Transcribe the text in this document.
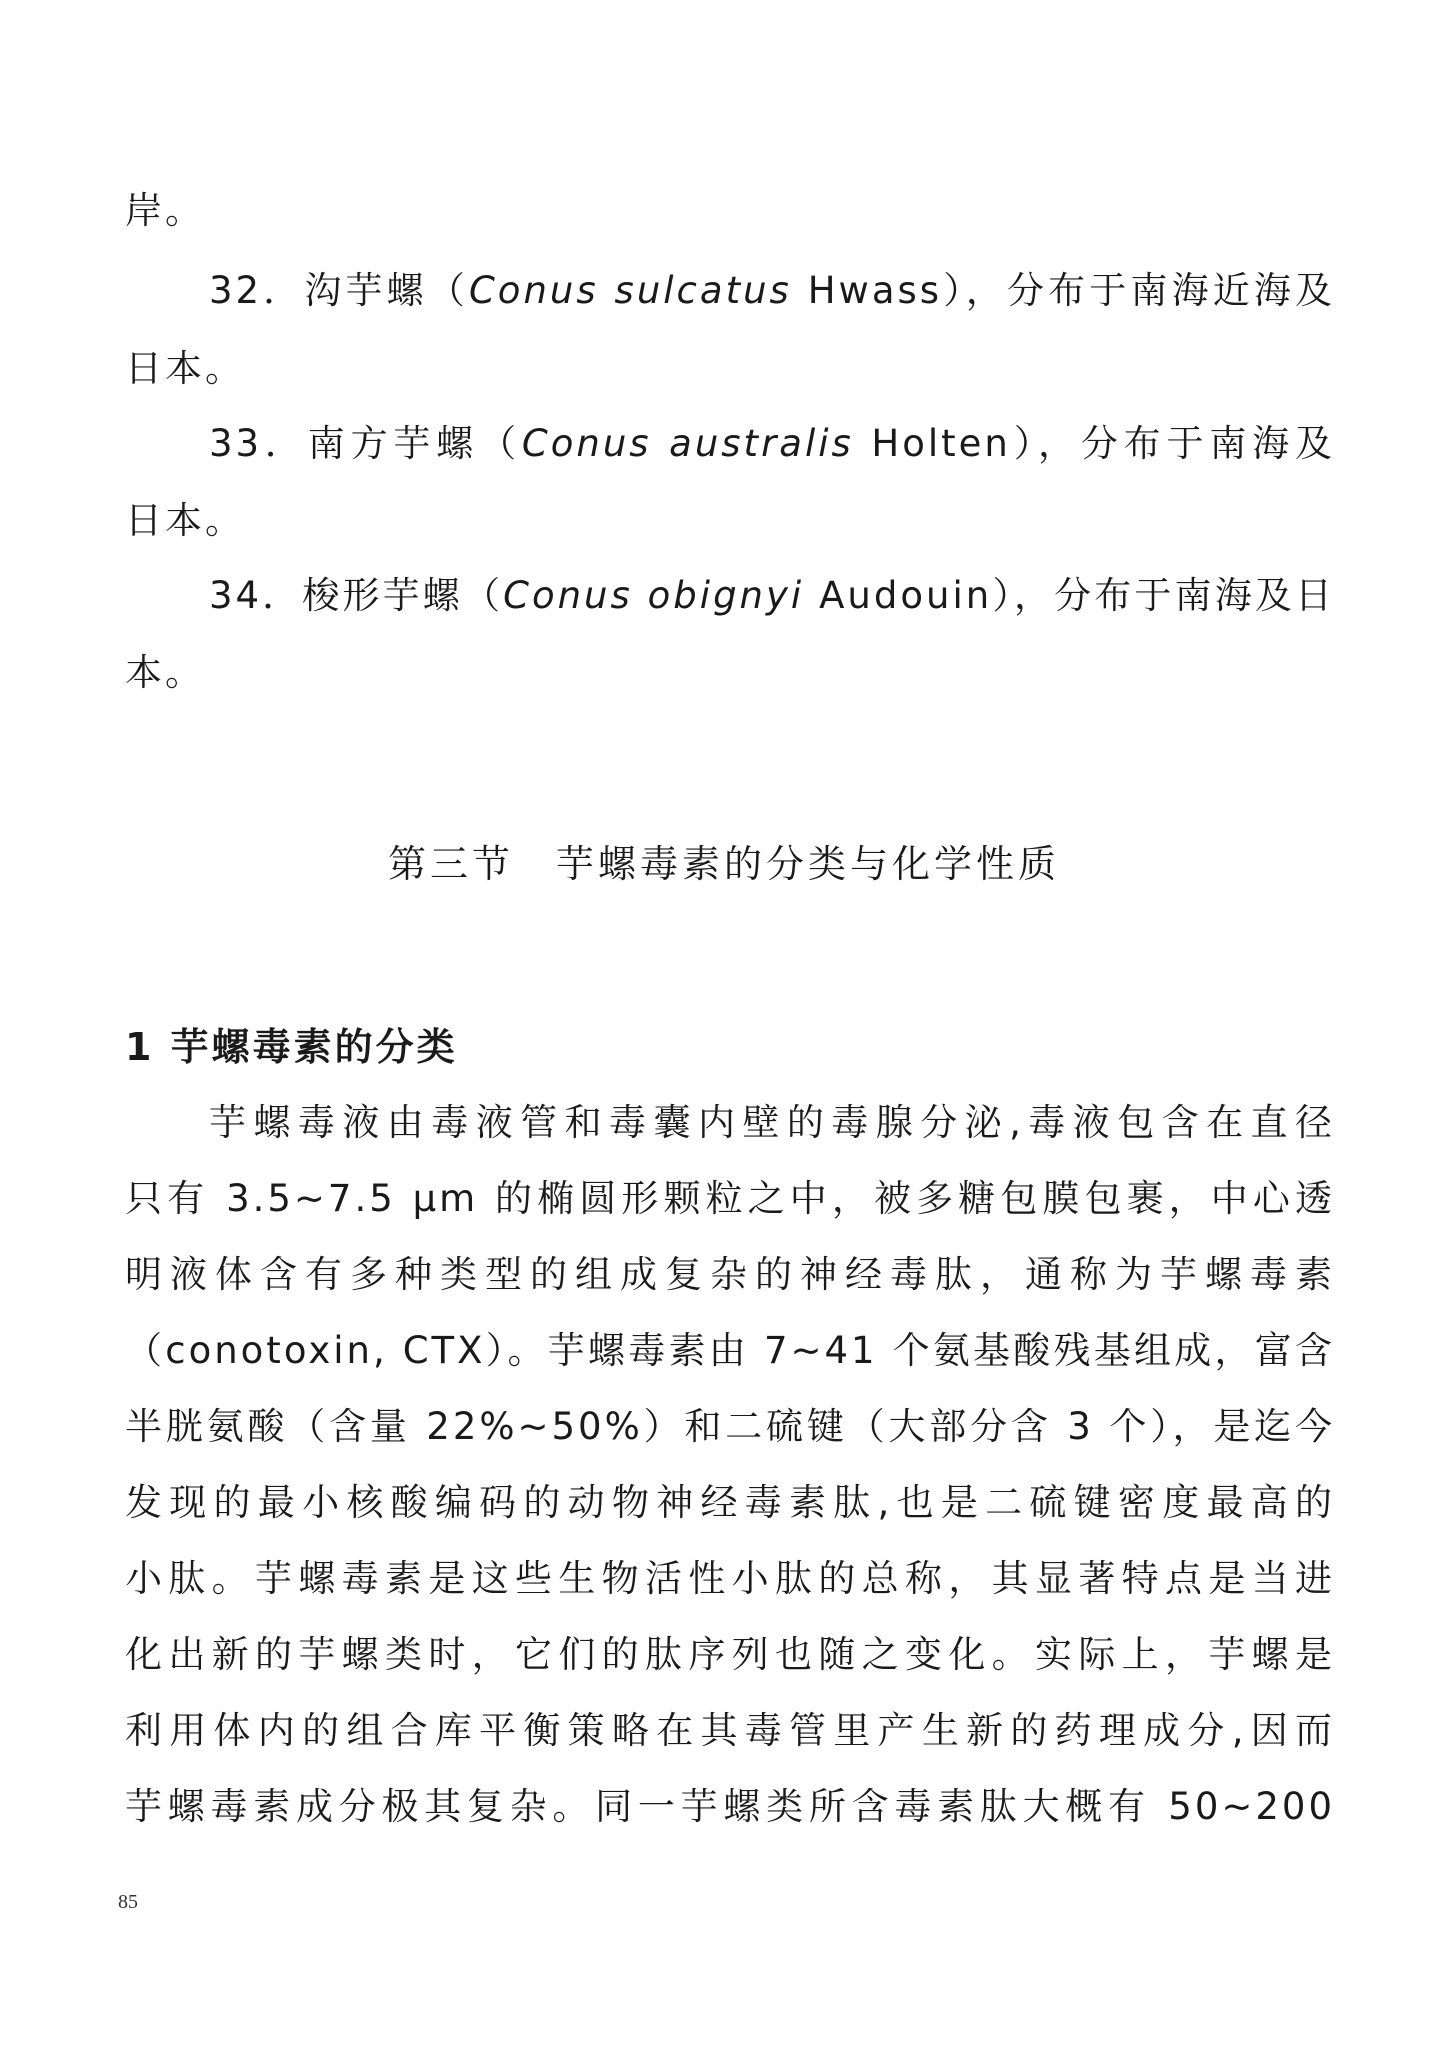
岸。
32．沟芋螺（Conus sulcatus Hwass），分布于南海近海及
日本。
33．南方芋螺（Conus australis Holten），分布于南海及
日本。
34．梭形芋螺（Conus obignyi Audouin），分布于南海及日
本。
第三节　芋螺毒素的分类与化学性质
1 芋螺毒素的分类
芋螺毒液由毒液管和毒囊内壁的毒腺分泌,毒液包含在直径
只有 3.5~7.5 μm 的椭圆形颗粒之中，被多糖包膜包裹，中心透
明液体含有多种类型的组成复杂的神经毒肽，通称为芋螺毒素
（conotoxin, CTX）。芋螺毒素由 7~41 个氨基酸残基组成，富含
半胱氨酸（含量 22%~50%）和二硫键（大部分含 3 个），是迄今
发现的最小核酸编码的动物神经毒素肽,也是二硫键密度最高的
小肽。芋螺毒素是这些生物活性小肽的总称，其显著特点是当进
化出新的芋螺类时，它们的肽序列也随之变化。实际上，芋螺是
利用体内的组合库平衡策略在其毒管里产生新的药理成分,因而
芋螺毒素成分极其复杂。同一芋螺类所含毒素肽大概有 50~200
85
